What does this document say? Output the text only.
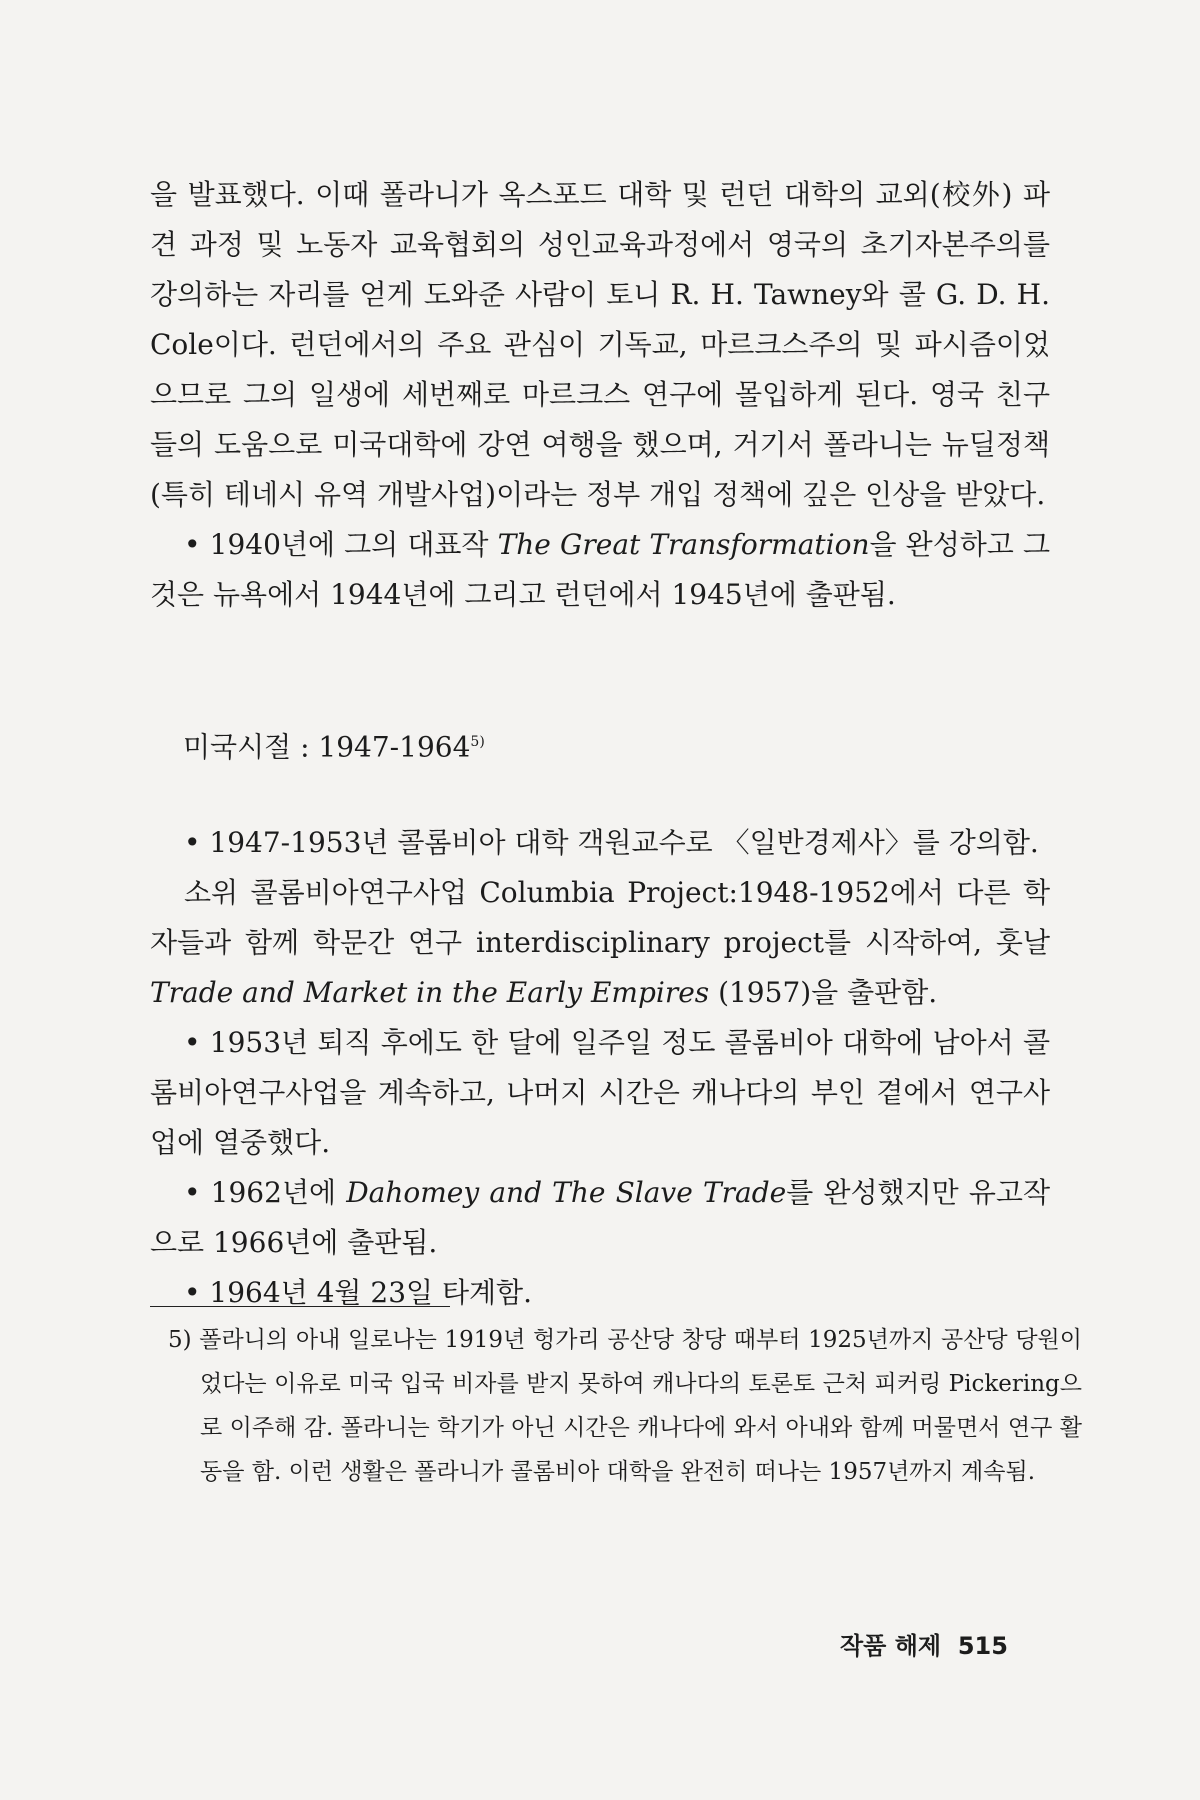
을 발표했다. 이때 폴라니가 옥스포드 대학 및 런던 대학의 교외(校外) 파견 과정 및 노동자 교육협회의 성인교육과정에서 영국의 초기자본주의를 강의하는 자리를 얻게 도와준 사람이 토니 R. H. Tawney와 콜 G. D. H. Cole이다. 런던에서의 주요 관심이 기독교, 마르크스주의 및 파시즘이었으므로 그의 일생에 세번째로 마르크스 연구에 몰입하게 된다. 영국 친구들의 도움으로 미국대학에 강연 여행을 했으며, 거기서 폴라니는 뉴딜정책(특히 테네시 유역 개발사업)이라는 정부 개입 정책에 깊은 인상을 받았다.

• 1940년에 그의 대표작 The Great Transformation을 완성하고 그것은 뉴욕에서 1944년에 그리고 런던에서 1945년에 출판됨.

미국시절 : 1947-1964$^{5)}$

• 1947-1953년 콜롬비아 대학 객원교수로 〈일반경제사〉를 강의함.

소위 콜롬비아연구사업 Columbia Project:1948-1952에서 다른 학자들과 함께 학문간 연구 interdisciplinary project를 시작하여, 훗날 Trade and Market in the Early Empires (1957)을 출판함.

• 1953년 퇴직 후에도 한 달에 일주일 정도 콜롬비아 대학에 남아서 콜롬비아연구사업을 계속하고, 나머지 시간은 캐나다의 부인 곁에서 연구사업에 열중했다.

• 1962년에 Dahomey and The Slave Trade를 완성했지만 유고작으로 1966년에 출판됨.

• 1964년 4월 23일 타계함.

5) 폴라니의 아내 일로나는 1919년 헝가리 공산당 창당 때부터 1925년까지 공산당 당원이었다는 이유로 미국 입국 비자를 받지 못하여 캐나다의 토론토 근처 피커링 Pickering으로 이주해 감. 폴라니는 학기가 아닌 시간은 캐나다에 와서 아내와 함께 머물면서 연구 활동을 함. 이런 생활은 폴라니가 콜롬비아 대학을 완전히 떠나는 1957년까지 계속됨.

작품 해제 515
